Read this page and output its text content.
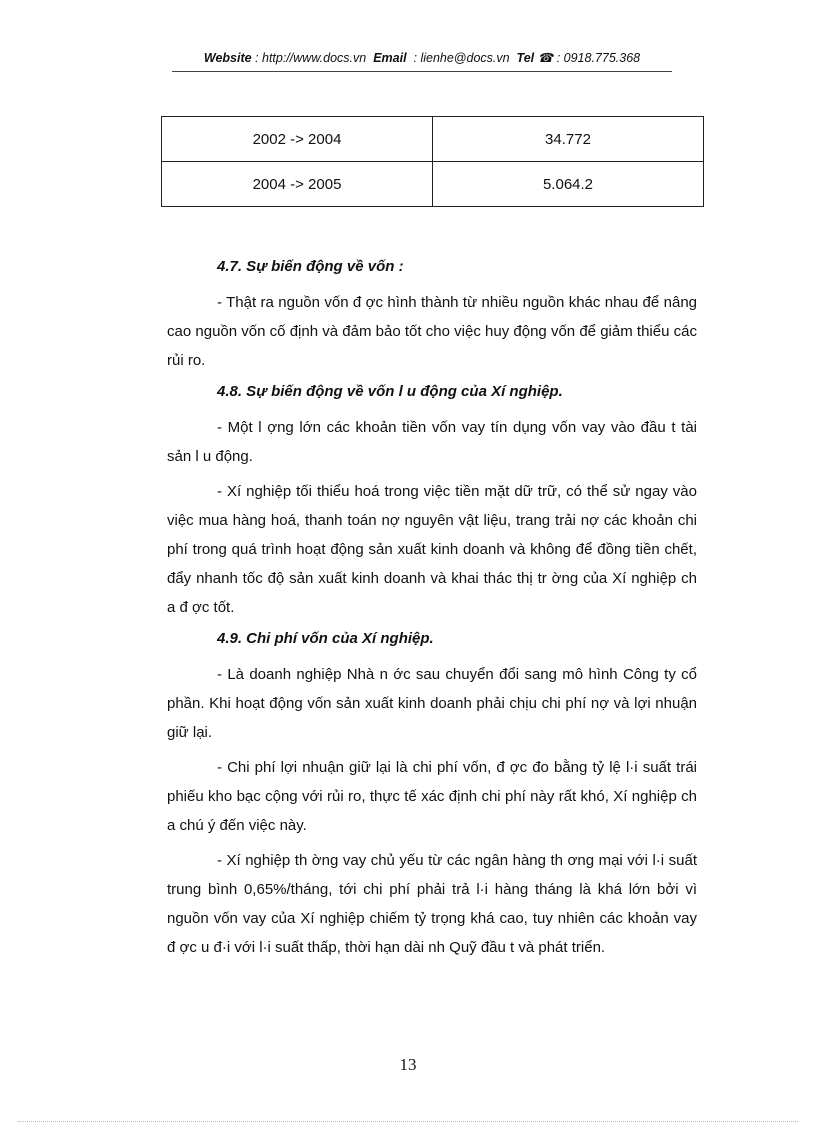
Website : http://www.docs.vn Email : lienhe@docs.vn Tel ☎ : 0918.775.368
2002 -> 2004	34.772
2004 -> 2005	5.064.2
4.7. Sự biến động về vốn :

- Thật ra nguồn vốn đ ợc hình thành từ nhiều nguồn khác nhau để nâng cao nguồn vốn cố định và đảm bảo tốt cho việc huy động vốn để giảm thiểu các rủi ro.

4.8. Sự biến động về vốn l u động của Xí nghiệp.

- Một l ợng lớn các khoản tiền vốn vay tín dụng vốn vay vào đầu t tài sản l u động.

- Xí nghiệp tối thiểu hoá trong việc tiền mặt dữ trữ, có thể sử ngay vào việc mua hàng hoá, thanh toán nợ nguyên vật liệu, trang trải nợ các khoản chi phí trong quá trình hoạt động sản xuất kinh doanh và không để đồng tiền chết, đẩy nhanh tốc độ sản xuất kinh doanh và khai thác thị tr ờng của Xí nghiệp ch a đ ợc tốt.

4.9. Chi phí vốn của Xí nghiệp.

- Là doanh nghiệp Nhà n ớc sau chuyển đổi sang mô hình Công ty cổ phần. Khi hoạt động vốn sản xuất kinh doanh phải chịu chi phí nợ và lợi nhuận giữ lại.

- Chi phí lợi nhuận giữ lại là chi phí vốn, đ ợc đo bằng tỷ lệ l·i suất trái phiếu kho bạc cộng với rủi ro, thực tế xác định chi phí này rất khó, Xí nghiệp ch a chú ý đến việc này.

- Xí nghiệp th ờng vay chủ yếu từ các ngân hàng th ơng mại với l·i suất trung bình 0,65%/tháng, tới chi phí phải trả l·i hàng tháng là khá lớn bởi vì nguồn vốn vay của Xí nghiệp chiếm tỷ trọng khá cao, tuy nhiên các khoản vay đ ợc u đ·i với l·i suất thấp, thời hạn dài nh Quỹ đầu t và phát triển.

13
